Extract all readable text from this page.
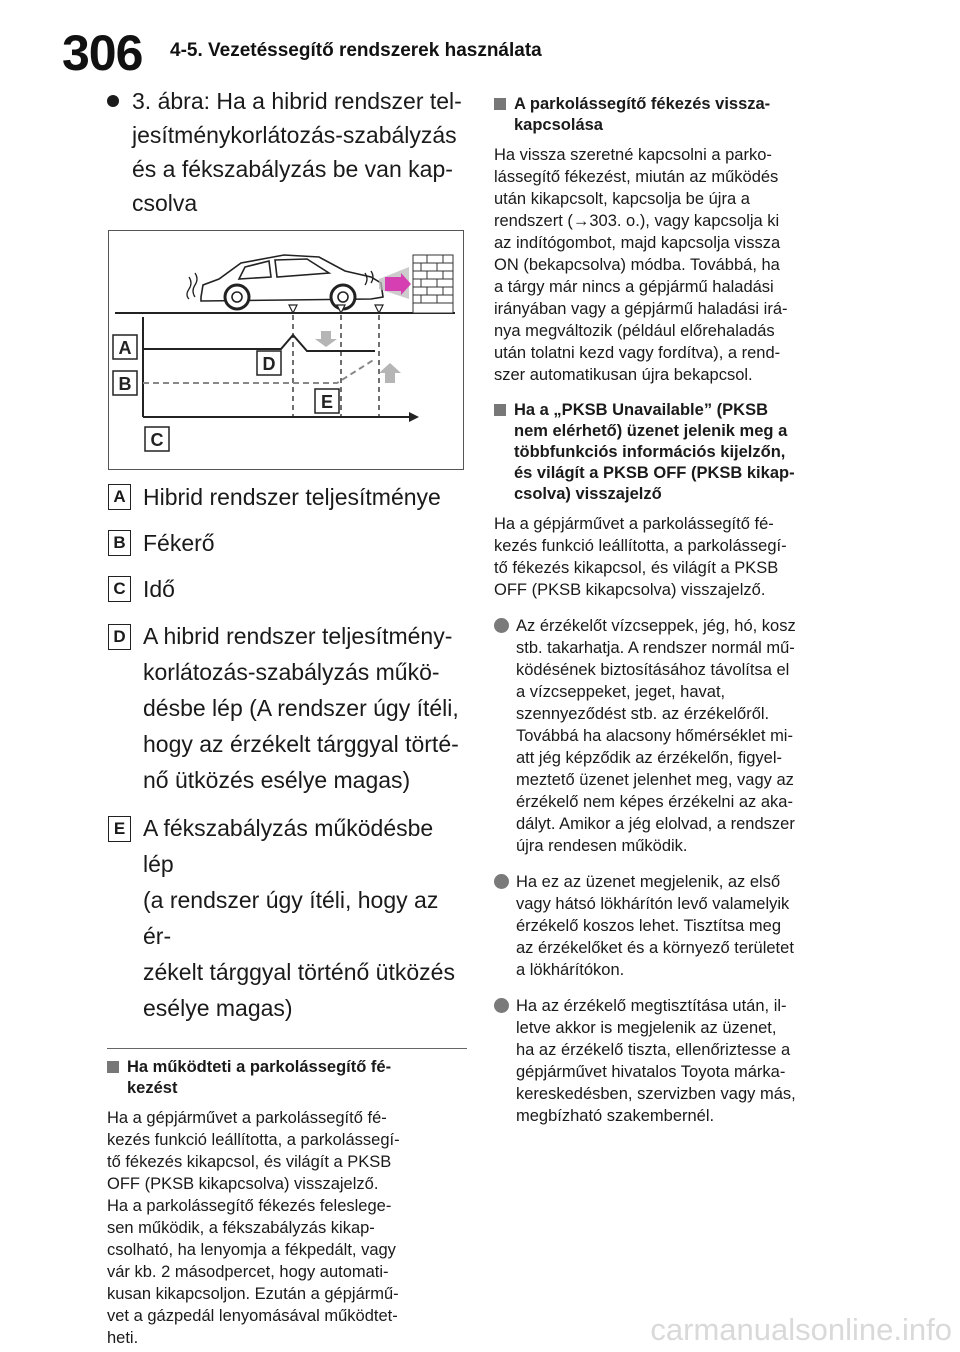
306 4-5. Vezetéssegítő rendszerek használata
3. ábra: Ha a hibrid rendszer tel-
jesítménykorlátozás-szabályzás
és a fékszabályzás be van kap-
csolva
A
B
C
D
E
A Hibrid rendszer teljesítménye
B Fékerő
C Idő
D A hibrid rendszer teljesítmény-
korlátozás-szabályzás műkö-
désbe lép (A rendszer úgy ítéli,
hogy az érzékelt tárggyal törté-
nő ütközés esélye magas)
E A fékszabályzás működésbe lép
(a rendszer úgy ítéli, hogy az ér-
zékelt tárggyal történő ütközés
esélye magas)
Ha működteti a parkolássegítő fé-
kezést
Ha a gépjárművet a parkolássegítő fé-
kezés funkció leállította, a parkolássegí-
tő fékezés kikapcsol, és világít a PKSB
OFF (PKSB kikapcsolva) visszajelző.
Ha a parkolássegítő fékezés feleslege-
sen működik, a fékszabályzás kikap-
csolható, ha lenyomja a fékpedált, vagy
vár kb. 2 másodpercet, hogy automati-
kusan kikapcsoljon. Ezután a gépjármű-
vet a gázpedál lenyomásával működtet-
heti.
A parkolássegítő fékezés vissza-
kapcsolása
Ha vissza szeretné kapcsolni a parko-
lássegítő fékezést, miután az működés
után kikapcsolt, kapcsolja be újra a
rendszert (→303. o.), vagy kapcsolja ki
az indítógombot, majd kapcsolja vissza
ON (bekapcsolva) módba. Továbbá, ha
a tárgy már nincs a gépjármű haladási
irányában vagy a gépjármű haladási irá-
nya megváltozik (például előrehaladás
után tolatni kezd vagy fordítva), a rend-
szer automatikusan újra bekapcsol.
Ha a „PKSB Unavailable” (PKSB
nem elérhető) üzenet jelenik meg a
többfunkciós információs kijelzőn,
és világít a PKSB OFF (PKSB kikap-
csolva) visszajelző
Ha a gépjárművet a parkolássegítő fé-
kezés funkció leállította, a parkolássegí-
tő fékezés kikapcsol, és világít a PKSB
OFF (PKSB kikapcsolva) visszajelző.
Az érzékelőt vízcseppek, jég, hó, kosz
stb. takarhatja. A rendszer normál mű-
ködésének biztosításához távolítsa el
a vízcseppeket, jeget, havat,
szennyeződést stb. az érzékelőről.
Továbbá ha alacsony hőmérséklet mi-
att jég képződik az érzékelőn, figyel-
meztető üzenet jelenhet meg, vagy az
érzékelő nem képes érzékelni az aka-
dályt. Amikor a jég elolvad, a rendszer
újra rendesen működik.
Ha ez az üzenet megjelenik, az első
vagy hátsó lökhárítón levő valamelyik
érzékelő koszos lehet. Tisztítsa meg
az érzékelőket és a környező területet
a lökhárítókon.
Ha az érzékelő megtisztítása után, il-
letve akkor is megjelenik az üzenet,
ha az érzékelő tiszta, ellenőriztesse a
gépjárművet hivatalos Toyota márka-
kereskedésben, szervizben vagy más,
megbízható szakembernél.
carmanualsonline.info
